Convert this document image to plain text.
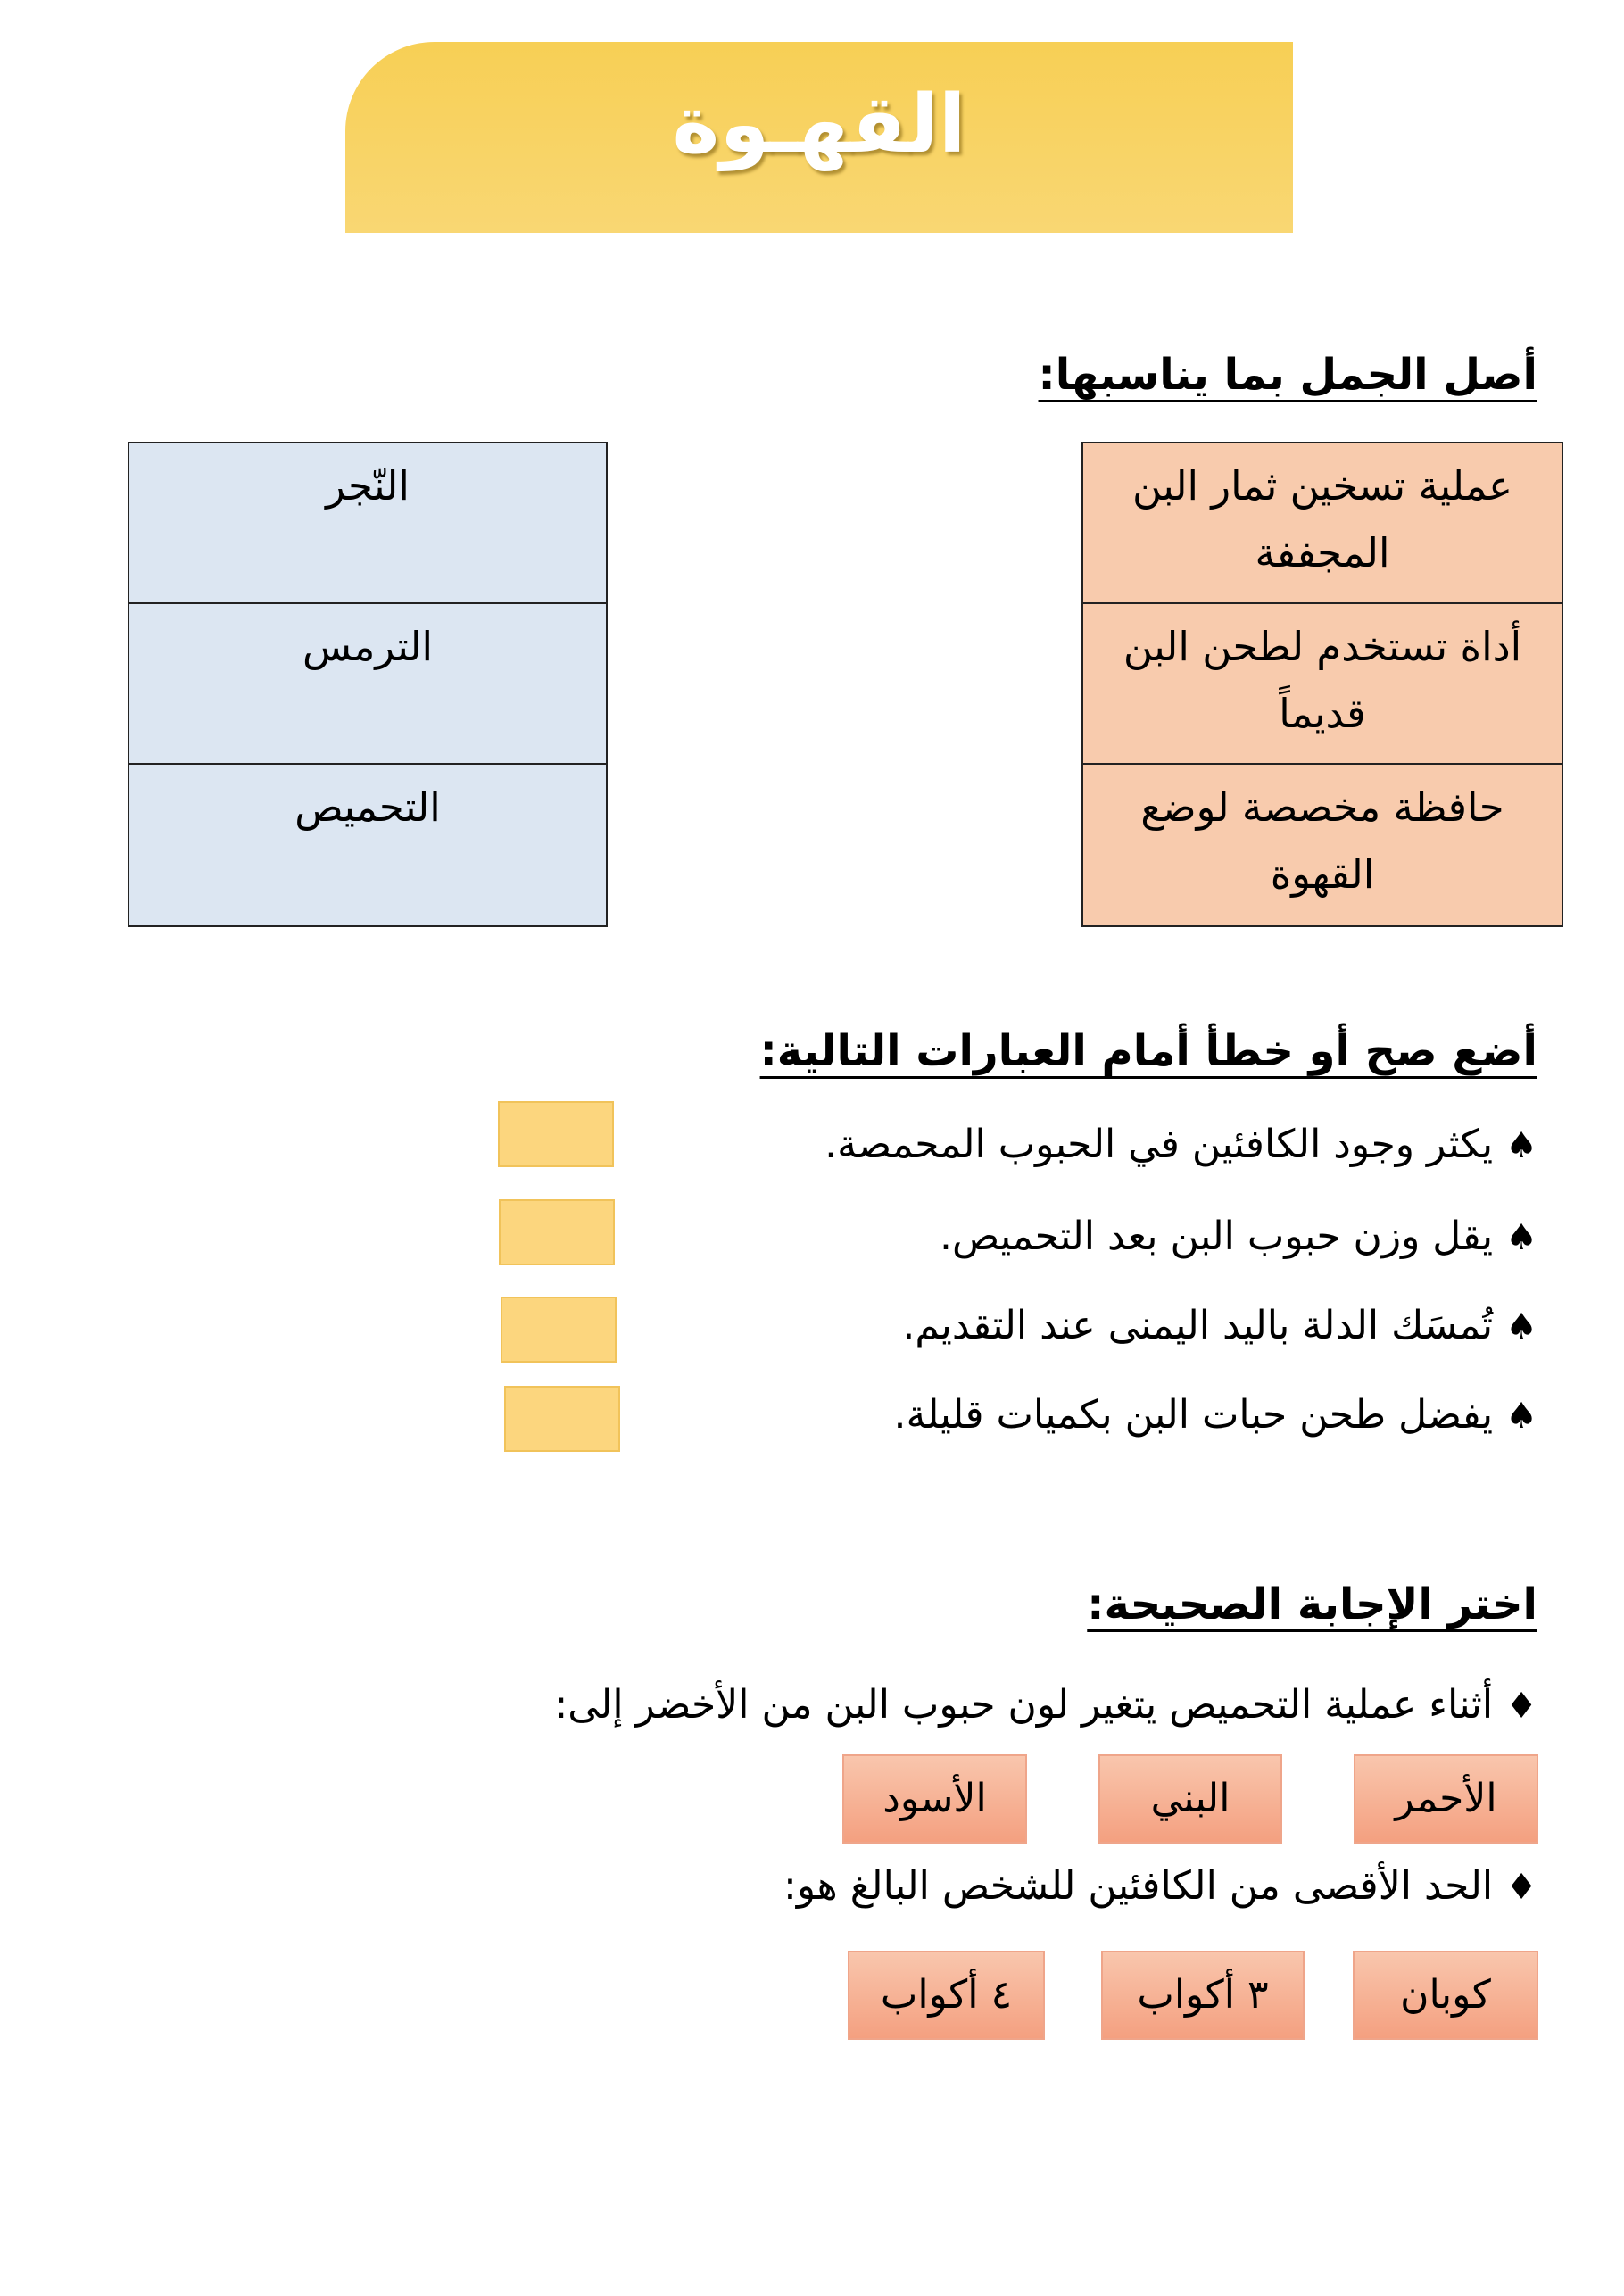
القهـوة
أصل الجمل بما يناسبها:
عملية تسخين ثمار البن المجففة
أداة تستخدم لطحن البن قديماً
حافظة مخصصة لوضع القهوة
النّجر
الترمس
التحميص
أضع صح أو خطأ أمام العبارات التالية:
♠يكثر وجود الكافئين في الحبوب المحمصة.
♠يقل وزن حبوب البن بعد التحميص.
♠تُمسَك الدلة باليد اليمنى عند التقديم.
♠يفضل طحن حبات البن بكميات قليلة.
اختر الإجابة الصحيحة:
♦أثناء عملية التحميص يتغير لون حبوب البن من الأخضر إلى:
الأحمر
البني
الأسود
♦الحد الأقصى من الكافئين للشخص البالغ هو:
كوبان
٣ أكواب
٤ أكواب
